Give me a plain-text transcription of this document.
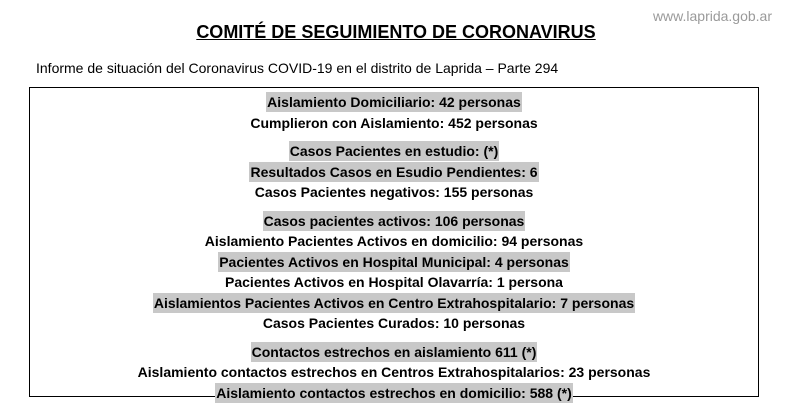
www.laprida.gob.ar
COMITÉ DE SEGUIMIENTO DE CORONAVIRUS
Informe de situación del Coronavirus COVID-19 en el distrito de Laprida – Parte 294
Aislamiento Domiciliario: 42 personas
Cumplieron con Aislamiento: 452 personas
Casos Pacientes en estudio: (*)
Resultados Casos en Esudio Pendientes: 6
Casos Pacientes negativos: 155 personas
Casos pacientes activos: 106 personas
Aislamiento Pacientes Activos en domicilio: 94 personas
Pacientes Activos en Hospital Municipal: 4 personas
Pacientes Activos en Hospital Olavarría: 1 persona
Aislamientos Pacientes Activos en Centro Extrahospitalario: 7 personas
Casos Pacientes Curados: 10 personas
Contactos estrechos en aislamiento 611 (*)
Aislamiento contactos estrechos en Centros Extrahospitalarios: 23 personas
Aislamiento contactos estrechos en domicilio: 588 (*)
